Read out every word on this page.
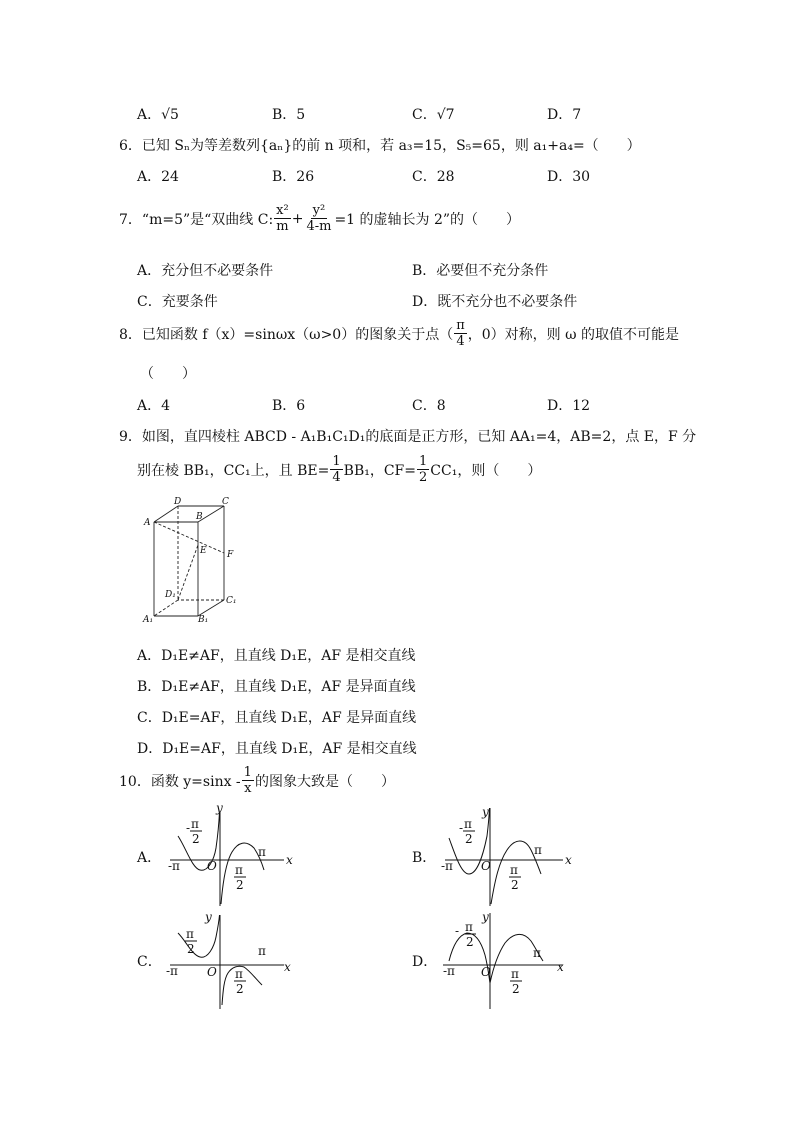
A．√5	B．5	C．√7	D．7
6．已知 Sₙ为等差数列{aₙ}的前 n 项和，若 a₃=15，S₅=65，则 a₁+a₄=（　　）
A．24	B．26	C．28	D．30
7．“m=5”是“双曲线 C: $\frac{\text{x²}}{m} + \frac{\text{y²}}{4-m} =1$ 的虚轴长为 2”的（　　）
A．充分但不必要条件	B．必要但不充分条件
C．充要条件	D．既不充分也不必要条件
8．已知函数 f（x）=sinωx（ω>0）的图象关于点（ $\frac{\pi}{4}$ ，0）对称，则 ω 的取值不可能是
（　　）
A．4	B．6	C．8	D．12
9．如图，直四棱柱 ABCD - A₁B₁C₁D₁的底面是正方形，已知 AA₁=4，AB=2，点 E，F 分
别在棱 BB₁，CC₁上，且 $BE= \frac{1}{4} BB_1$，$CF= \frac{1}{2} CC_1$，则（　　）
A
B
C
D
E F
A₁	B₁
C₁
D₁
A．D₁E≠AF，且直线 D₁E，AF 是相交直线
B．D₁E≠AF，且直线 D₁E，AF 是异面直线
C．D₁E=AF，且直线 D₁E，AF 是异面直线
D．D₁E=AF，且直线 D₁E，AF 是相交直线
10．函数 $y=\sin x - \frac{1}{x}$ 的图象大致是（　　）
A．	B．
C．	D．
y
x
O
-π
π
- π
2
π
2
y
x
O
-π
π
- π
2
π
2
y
x
O
-π
π
π
2
π
2
y
x
O
-π
π
- π
2
π
2
